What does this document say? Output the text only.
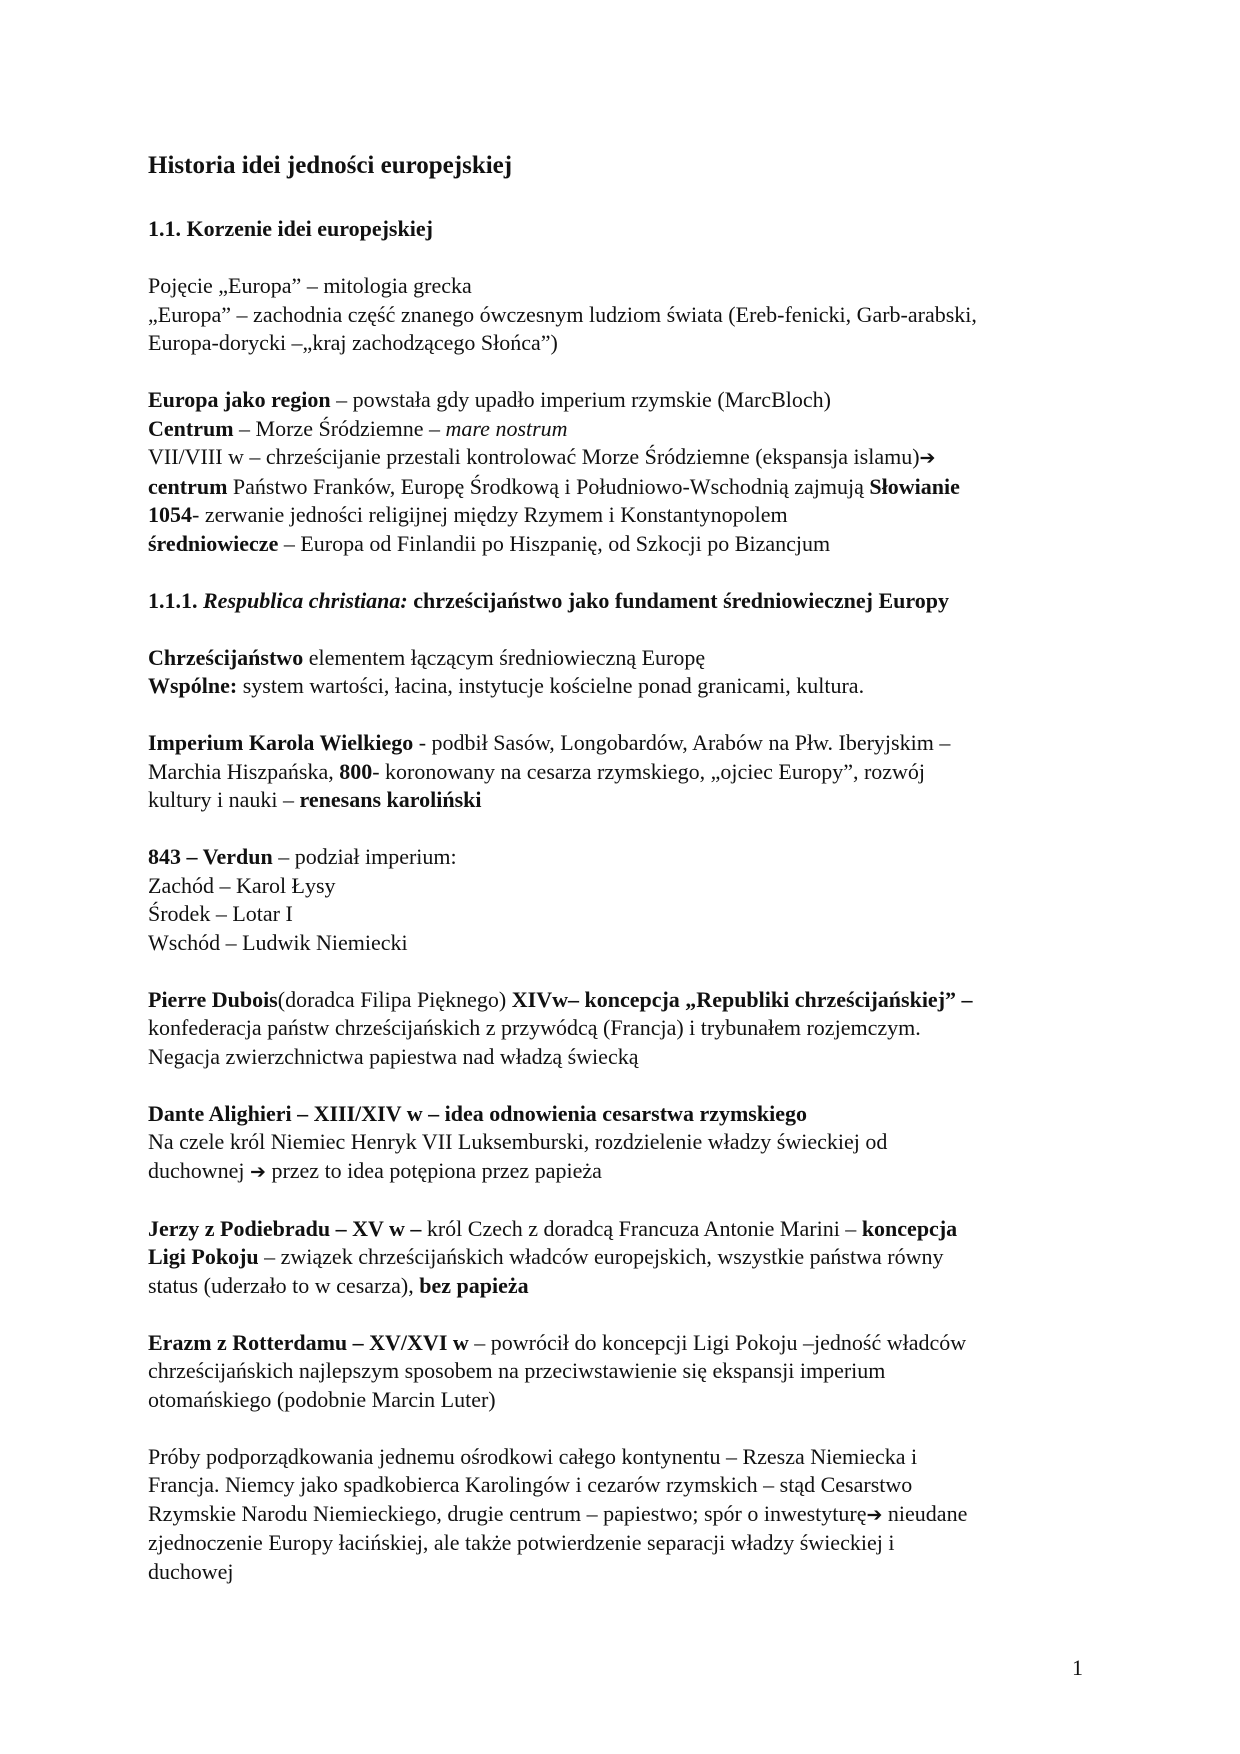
Historia idei jedności europejskiej
1.1. Korzenie idei europejskiej

Pojęcie „Europa” – mitologia grecka
„Europa” – zachodnia część znanego ówczesnym ludziom świata (Ereb-fenicki, Garb-arabski,
Europa-dorycki –„kraj zachodzącego Słońca”)

Europa jako region – powstała gdy upadło imperium rzymskie (MarcBloch)
Centrum – Morze Śródziemne – mare nostrum
VII/VIII w – chrześcijanie przestali kontrolować Morze Śródziemne (ekspansja islamu)➔
centrum Państwo Franków, Europę Środkową i Południowo-Wschodnią zajmują Słowianie
1054- zerwanie jedności religijnej między Rzymem i Konstantynopolem
średniowiecze – Europa od Finlandii po Hiszpanię, od Szkocji po Bizancjum

1.1.1. Respublica christiana: chrześcijaństwo jako fundament średniowiecznej Europy

Chrześcijaństwo elementem łączącym średniowieczną Europę
Wspólne: system wartości, łacina, instytucje kościelne ponad granicami, kultura.

Imperium Karola Wielkiego - podbił Sasów, Longobardów, Arabów na Płw. Iberyjskim –
Marchia Hiszpańska, 800- koronowany na cesarza rzymskiego, „ojciec Europy”, rozwój
kultury i nauki – renesans karoliński

843 – Verdun – podział imperium:
Zachód – Karol Łysy
Środek – Lotar I
Wschód – Ludwik Niemiecki

Pierre Dubois(doradca Filipa Pięknego) XIVw– koncepcja „Republiki chrześcijańskiej” –
konfederacja państw chrześcijańskich z przywódcą (Francja) i trybunałem rozjemczym.
Negacja zwierzchnictwa papiestwa nad władzą świecką

Dante Alighieri – XIII/XIV w – idea odnowienia cesarstwa rzymskiego
Na czele król Niemiec Henryk VII Luksemburski, rozdzielenie władzy świeckiej od
duchownej ➔ przez to idea potępiona przez papieża

Jerzy z Podiebradu – XV w – król Czech z doradcą Francuza Antonie Marini – koncepcja
Ligi Pokoju – związek chrześcijańskich władców europejskich, wszystkie państwa równy
status (uderzało to w cesarza), bez papieża

Erazm z Rotterdamu – XV/XVI w – powrócił do koncepcji Ligi Pokoju –jedność władców
chrześcijańskich najlepszym sposobem na przeciwstawienie się ekspansji imperium
otomańskiego (podobnie Marcin Luter)

Próby podporządkowania jednemu ośrodkowi całego kontynentu – Rzesza Niemiecka i
Francja. Niemcy jako spadkobierca Karolingów i cezarów rzymskich – stąd Cesarstwo
Rzymskie Narodu Niemieckiego, drugie centrum – papiestwo; spór o inwestyturę➔ nieudane
zjednoczenie Europy łacińskiej, ale także potwierdzenie separacji władzy świeckiej i
duchowej

1
